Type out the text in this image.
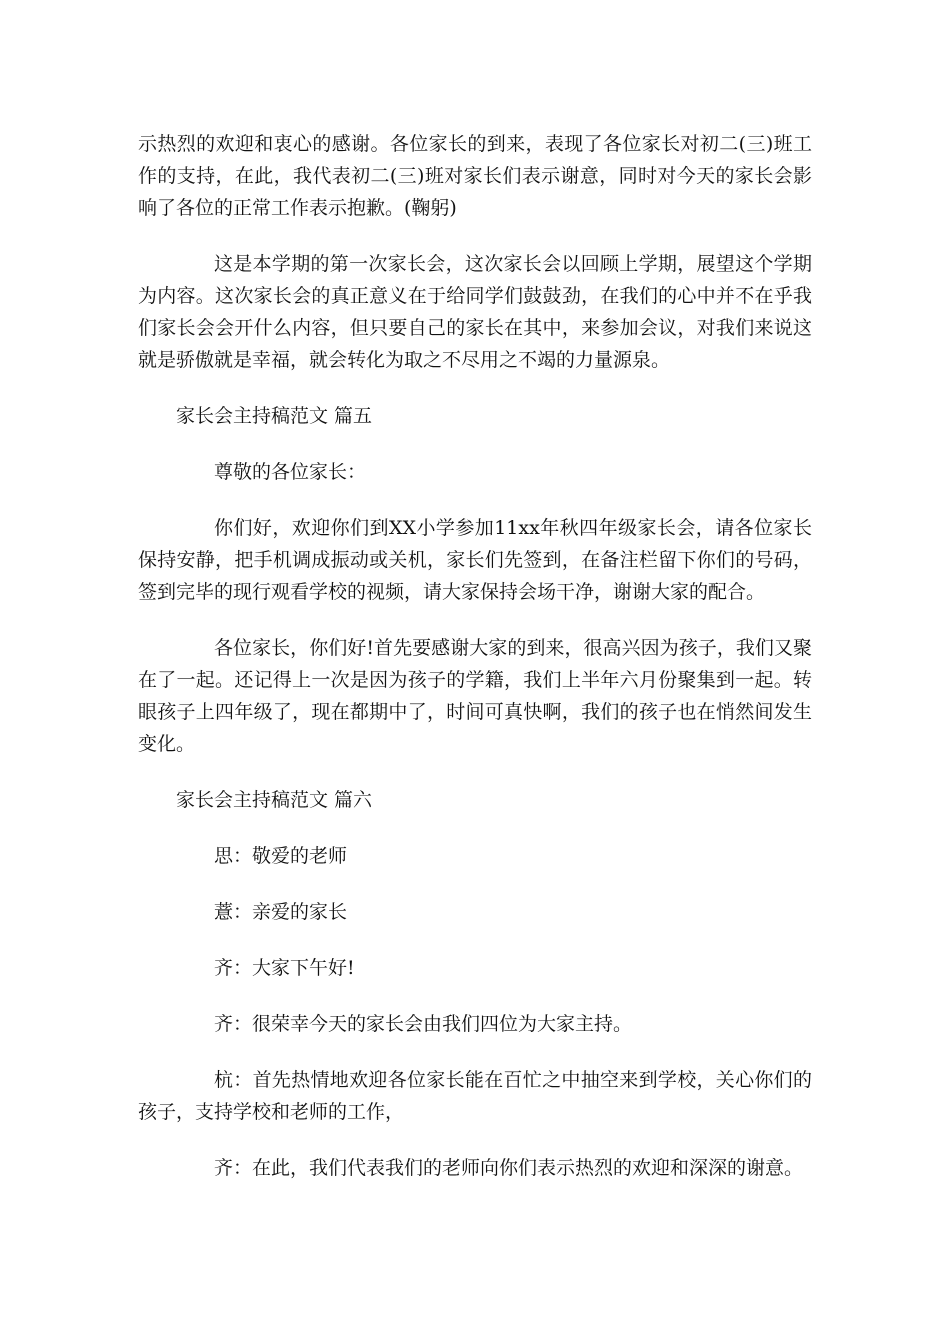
示热烈的欢迎和衷心的感谢。各位家长的到来，表现了各位家长对初二(三)班工作的支持，在此，我代表初二(三)班对家长们表示谢意，同时对今天的家长会影响了各位的正常工作表示抱歉。(鞠躬)

这是本学期的第一次家长会，这次家长会以回顾上学期，展望这个学期为内容。这次家长会的真正意义在于给同学们鼓鼓劲，在我们的心中并不在乎我们家长会会开什么内容，但只要自己的家长在其中，来参加会议，对我们来说这就是骄傲就是幸福，就会转化为取之不尽用之不竭的力量源泉。

家长会主持稿范文 篇五

尊敬的各位家长：

你们好，欢迎你们到XX小学参加11xx年秋四年级家长会，请各位家长保持安静，把手机调成振动或关机，家长们先签到，在备注栏留下你们的号码，签到完毕的现行观看学校的视频，请大家保持会场干净，谢谢大家的配合。

各位家长，你们好!首先要感谢大家的到来，很高兴因为孩子，我们又聚在了一起。还记得上一次是因为孩子的学籍，我们上半年六月份聚集到一起。转眼孩子上四年级了，现在都期中了，时间可真快啊，我们的孩子也在悄然间发生变化。

家长会主持稿范文 篇六

思：敬爱的老师

薏：亲爱的家长

齐：大家下午好!

齐：很荣幸今天的家长会由我们四位为大家主持。

杭：首先热情地欢迎各位家长能在百忙之中抽空来到学校，关心你们的孩子，支持学校和老师的工作，

齐：在此，我们代表我们的老师向你们表示热烈的欢迎和深深的谢意。
